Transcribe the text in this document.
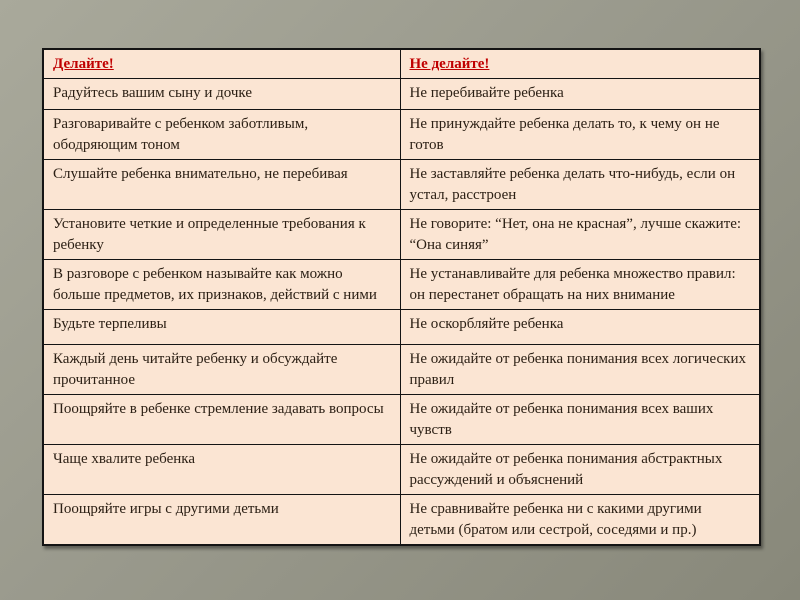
Делайте!	Не делайте!
Радуйтесь вашим сыну и дочке	Не перебивайте ребенка
Разговаривайте с ребенком заботливым, ободряющим тоном	Не принуждайте ребенка делать то, к чему он не готов
Слушайте ребенка внимательно, не перебивая	Не заставляйте ребенка делать что-нибудь, если он устал, расстроен
Установите четкие и определенные требования к ребенку	Не говорите: “Нет, она не красная”, лучше скажите: “Она синяя”
В разговоре с ребенком называйте как можно больше предметов, их признаков, действий с ними	Не устанавливайте для ребенка множество правил: он перестанет обращать на них внимание
Будьте терпеливы	Не оскорбляйте ребенка
Каждый день читайте ребенку и обсуждайте прочитанное	Не ожидайте от ребенка понимания всех логических правил
Поощряйте в ребенке стремление задавать вопросы	Не ожидайте от ребенка понимания всех ваших чувств
Чаще хвалите ребенка	Не ожидайте от ребенка понимания абстрактных рассуждений и объяснений
Поощряйте игры с другими детьми	Не сравнивайте ребенка ни с какими другими детьми (братом или сестрой, соседями и пр.)
